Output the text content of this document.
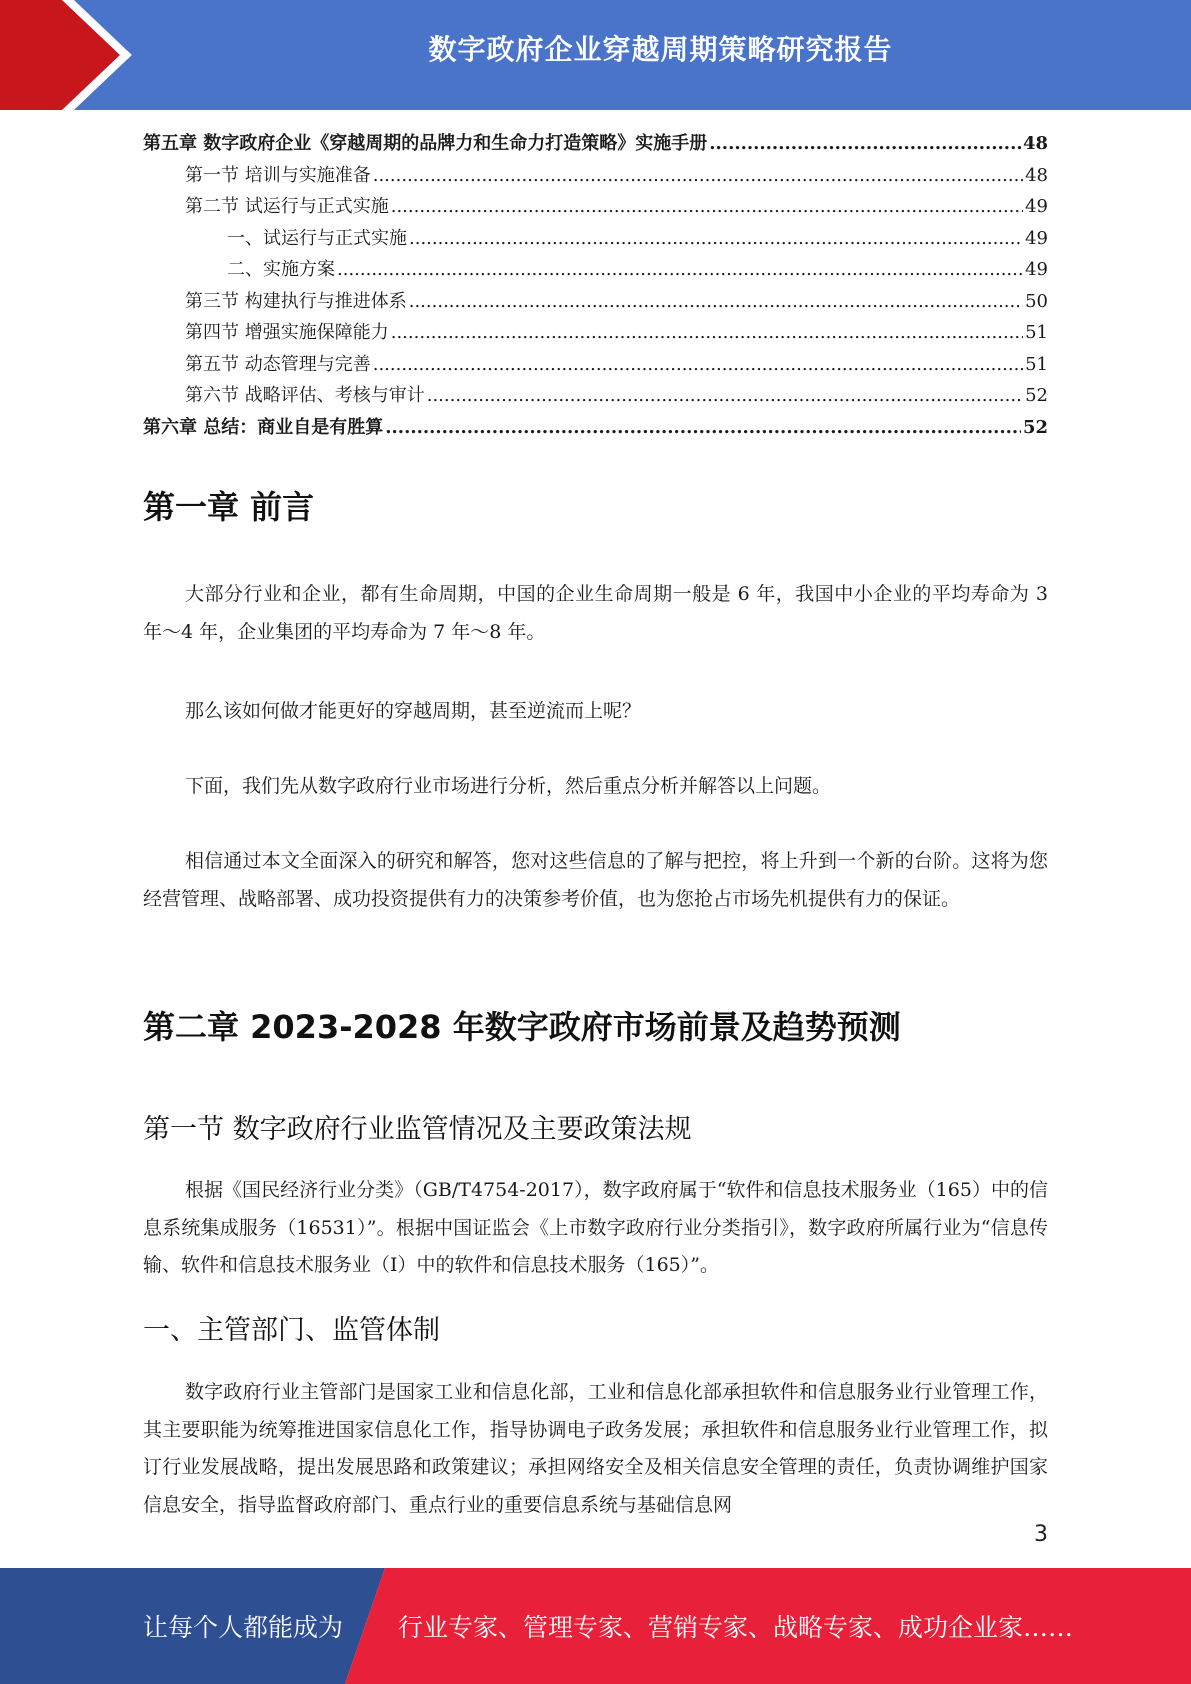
数字政府企业穿越周期策略研究报告
第五章 数字政府企业《穿越周期的品牌力和生命力打造策略》实施手册 .....	48
第一节 培训与实施准备 .....	48
第二节 试运行与正式实施 .....	49
一、试运行与正式实施 .....	49
二、实施方案 .....	49
第三节 构建执行与推进体系 .....	50
第四节 增强实施保障能力 .....	51
第五节 动态管理与完善 .....	51
第六节 战略评估、考核与审计 .....	52
第六章 总结：商业自是有胜算 .....	52
第一章 前言

大部分行业和企业，都有生命周期，中国的企业生命周期一般是 6 年，我国中小企业的平均寿命为 3 年～4 年，企业集团的平均寿命为 7 年～8 年。

那么该如何做才能更好的穿越周期，甚至逆流而上呢？

下面，我们先从数字政府行业市场进行分析，然后重点分析并解答以上问题。

相信通过本文全面深入的研究和解答，您对这些信息的了解与把控，将上升到一个新的台阶。这将为您经营管理、战略部署、成功投资提供有力的决策参考价值，也为您抢占市场先机提供有力的保证。

第二章 2023-2028 年数字政府市场前景及趋势预测
第一节 数字政府行业监管情况及主要政策法规

根据《国民经济行业分类》（GB/T4754-2017），数字政府属于“软件和信息技术服务业（165）中的信息系统集成服务（16531）”。根据中国证监会《上市数字政府行业分类指引》，数字政府所属行业为“信息传输、软件和信息技术服务业（I）中的软件和信息技术服务（165）”。

一、主管部门、监管体制

数字政府行业主管部门是国家工业和信息化部，工业和信息化部承担软件和信息服务业行业管理工作，其主要职能为统筹推进国家信息化工作，指导协调电子政务发展；承担软件和信息服务业行业管理工作，拟订行业发展战略，提出发展思路和政策建议；承担网络安全及相关信息安全管理的责任，负责协调维护国家信息安全，指导监督政府部门、重点行业的重要信息系统与基础信息网

3
让每个人都能成为 行业专家、管理专家、营销专家、战略专家、成功企业家……
